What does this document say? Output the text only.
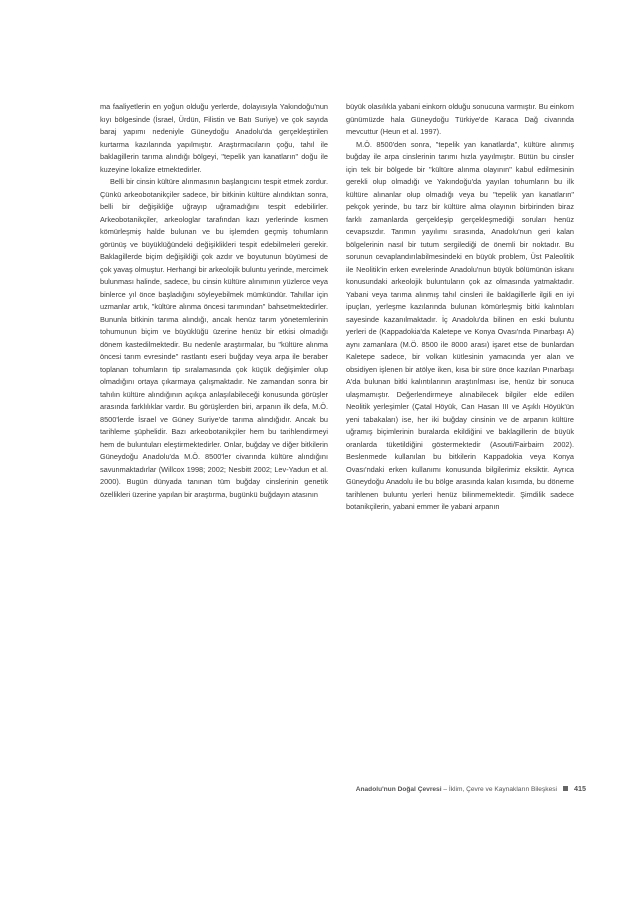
ma faaliyetlerin en yoğun olduğu yerlerde, dolayısıyla Yakındoğu'nun kıyı bölgesinde (İsrael, Ürdün, Filistin ve Batı Suriye) ve çok sayıda baraj yapımı nedeniyle Güneydoğu Anadolu'da gerçekleştirilen kurtarma kazılarında yapılmıştır. Araştırmacıların çoğu, tahıl ile baklagillerin tarıma alındığı bölgeyi, "tepelik yan kanatların" doğu ile kuzeyine lokalize etmektedirler.

Belli bir cinsin kültüre alınmasının başlangıcını tespit etmek zordur. Çünkü arkeobotanikçiler sadece, bir bitkinin kültüre alındıktan sonra, belli bir değişikliğe uğrayıp uğramadığını tespit edebilirler. Arkeobotanikçiler, arkeologlar tarafından kazı yerlerinde kısmen kömürleşmiş halde bulunan ve bu işlemden geçmiş tohumların görünüş ve büyüklüğündeki değişiklikleri tespit edebilmeleri gerekir. Baklagillerde biçim değişikliği çok azdır ve boyutunun büyümesi de çok yavaş olmuştur. Herhangi bir arkeolojik buluntu yerinde, mercimek bulunması halinde, sadece, bu cinsin kültüre alınımının yüzlerce veya binlerce yıl önce başladığını söyleyebilmek mümkündür. Tahıllar için uzmanlar artık, "kültüre alınma öncesi tarımından" bahsetmektedirler. Bununla bitkinin tarıma alındığı, ancak henüz tarım yönetemlerinin tohumunun biçim ve büyüklüğü üzerine henüz bir etkisi olmadığı dönem kastedilmektedir. Bu nedenle araştırmalar, bu "kültüre alınma öncesi tarım evresinde" rastlantı eseri buğday veya arpa ile beraber toplanan tohumların tip sıralamasında çok küçük değişimler olup olmadığını ortaya çıkarmaya çalışmaktadır. Ne zamandan sonra bir tahılın kültüre alındığının açıkça anlaşılabileceği konusunda görüşler arasında farklılıklar vardır. Bu görüşlerden biri, arpanın ilk defa, M.Ö. 8500'lerde İsrael ve Güney Suriye'de tarıma alındığıdır. Ancak bu tarihleme şüphelidir. Bazı arkeobotanikçiler hem bu tarihlendirmeyi hem de buluntuları eleştirmektedirler. Onlar, buğday ve diğer bitkilerin Güneydoğu Anadolu'da M.Ö. 8500'ler civarında kültüre alındığını savunmaktadırlar (Willcox 1998; 2002; Nesbitt 2002; Lev-Yadun et al. 2000). Bugün dünyada tanınan tüm buğday cinslerinin genetik özellikleri üzerine yapılan bir araştırma, bugünkü buğdayın atasının

büyük olasılıkla yabani einkorn olduğu sonucuna varmıştır. Bu einkorn günümüzde hala Güneydoğu Türkiye'de Karaca Dağ civarında mevcuttur (Heun et al. 1997).

M.Ö. 8500'den sonra, "tepelik yan kanatlarda", kültüre alınmış buğday ile arpa cinslerinin tarımı hızla yayılmıştır. Bütün bu cinsler için tek bir bölgede bir "kültüre alınma olayının" kabul edilmesinin gerekli olup olmadığı ve Yakındoğu'da yayılan tohumların bu ilk kültüre alınanlar olup olmadığı veya bu "tepelik yan kanatların" pekçok yerinde, bu tarz bir kültüre alma olayının birbirinden biraz farklı zamanlarda gerçekleşip gerçekleşmediği soruları henüz cevapsızdır. Tarımın yayılımı sırasında, Anadolu'nun geri kalan bölgelerinin nasıl bir tutum sergilediği de önemli bir noktadır. Bu sorunun cevaplandırılabilmesindeki en büyük problem, Üst Paleolitik ile Neolitik'in erken evrelerinde Anadolu'nun büyük bölümünün iskanı konusundaki arkeolojik buluntuların çok az olmasında yatmaktadır. Yabani veya tarıma alınmış tahıl cinsleri ile baklagillerle ilgili en iyi ipuçları, yerleşme kazılarında bulunan kömürleşmiş bitki kalıntıları sayesinde kazanılmaktadır. İç Anadolu'da bilinen en eski buluntu yerleri de (Kappadokia'da Kaletepe ve Konya Ovası'nda Pınarbaşı A) aynı zamanlara (M.Ö. 8500 ile 8000 arası) işaret etse de bunlardan Kaletepe sadece, bir volkan kütlesinin yamacında yer alan ve obsidiyen işlenen bir atölye iken, kısa bir süre önce kazılan Pınarbaşı A'da bulunan bitki kalıntılarının araştırılması ise, henüz bir sonuca ulaşmamıştır. Değerlendirmeye alınabilecek bilgiler elde edilen Neolitik yerleşimler (Çatal Höyük, Can Hasan III ve Aşıklı Höyük'ün yeni tabakaları) ise, her iki buğday cinsinin ve de arpanın kültüre uğramış biçimlerinin buralarda ekildiğini ve baklagillerin de büyük oranlarda tüketildiğini göstermektedir (Asouti/Fairbairn 2002). Beslenmede kullanılan bu bitkilerin Kappadokia veya Konya Ovası'ndaki erken kullanımı konusunda bilgilerimiz eksiktir. Ayrıca Güneydoğu Anadolu ile bu bölge arasında kalan kısımda, bu döneme tarihlenen buluntu yerleri henüz bilinmemektedir. Şimdilik sadece botanikçilerin, yabani emmer ile yabani arpanın

Anadolu'nun Doğal Çevresi – İklim, Çevre ve Kaynakların Bileşkesi 415
